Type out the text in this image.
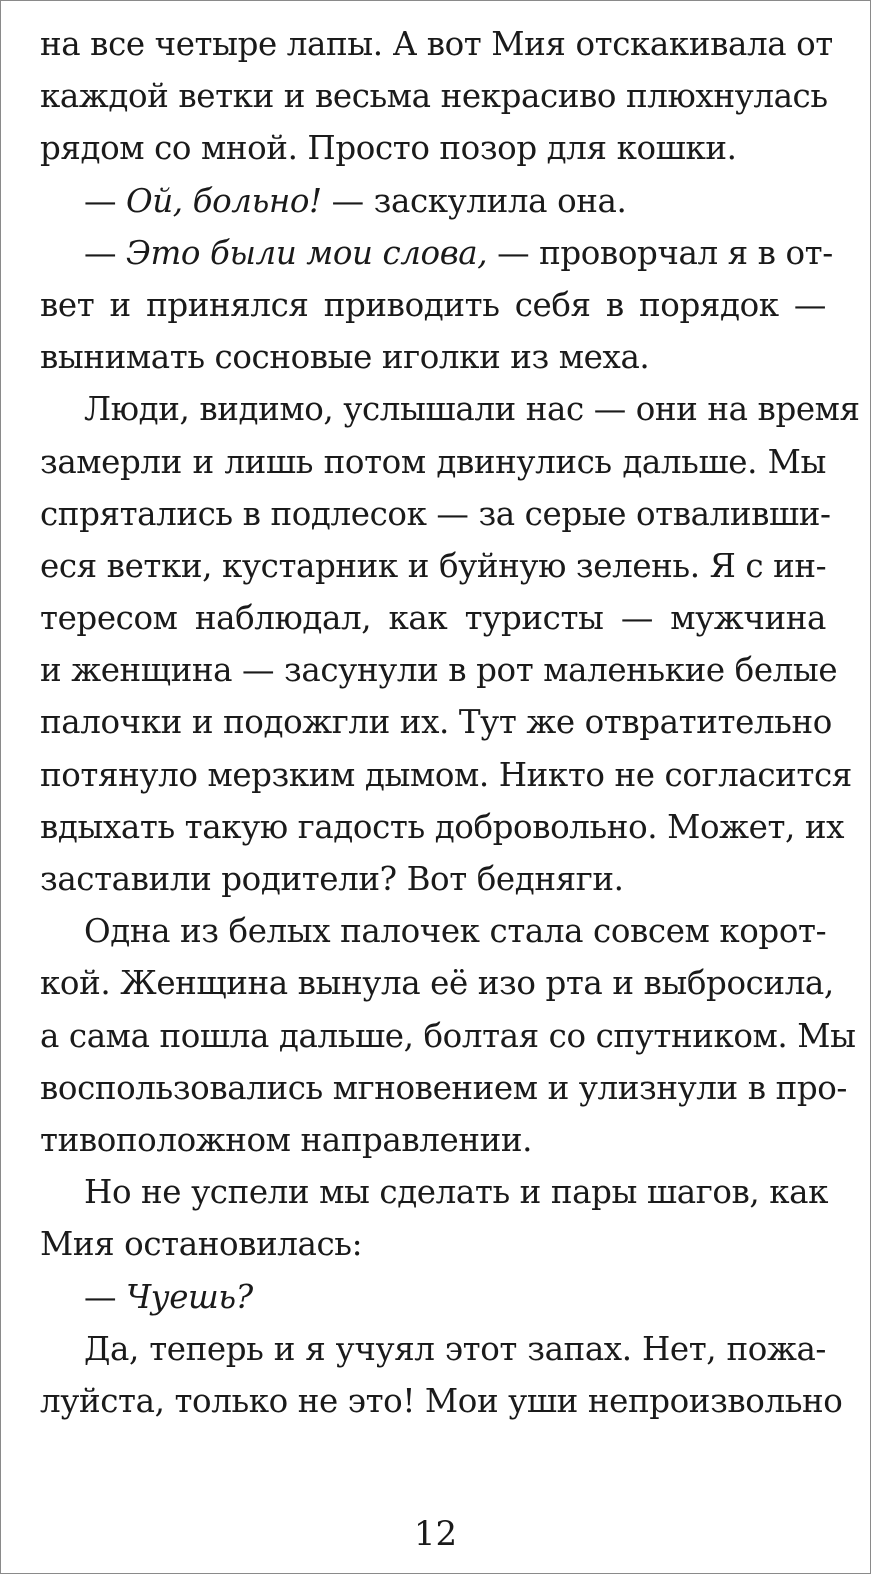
на все четыре лапы. А вот Мия отскакивала от
каждой ветки и весьма некрасиво плюхнулась
рядом со мной. Просто позор для кошки.
— Ой, больно! — заскулила она.
— Это были мои слова, — проворчал я в от-
вет и принялся приводить себя в порядок —
вынимать сосновые иголки из меха.
Люди, видимо, услышали нас — они на время
замерли и лишь потом двинулись дальше. Мы
спрятались в подлесок — за серые отваливши-
еся ветки, кустарник и буйную зелень. Я с ин-
тересом наблюдал, как туристы — мужчина
и женщина — засунули в рот маленькие белые
палочки и подожгли их. Тут же отвратительно
потянуло мерзким дымом. Никто не согласится
вдыхать такую гадость добровольно. Может, их
заставили родители? Вот бедняги.
Одна из белых палочек стала совсем корот-
кой. Женщина вынула её изо рта и выбросила,
а сама пошла дальше, болтая со спутником. Мы
воспользовались мгновением и улизнули в про-
тивоположном направлении.
Но не успели мы сделать и пары шагов, как
Мия остановилась:
— Чуешь?
Да, теперь и я учуял этот запах. Нет, пожа-
луйста, только не это! Мои уши непроизвольно
12
